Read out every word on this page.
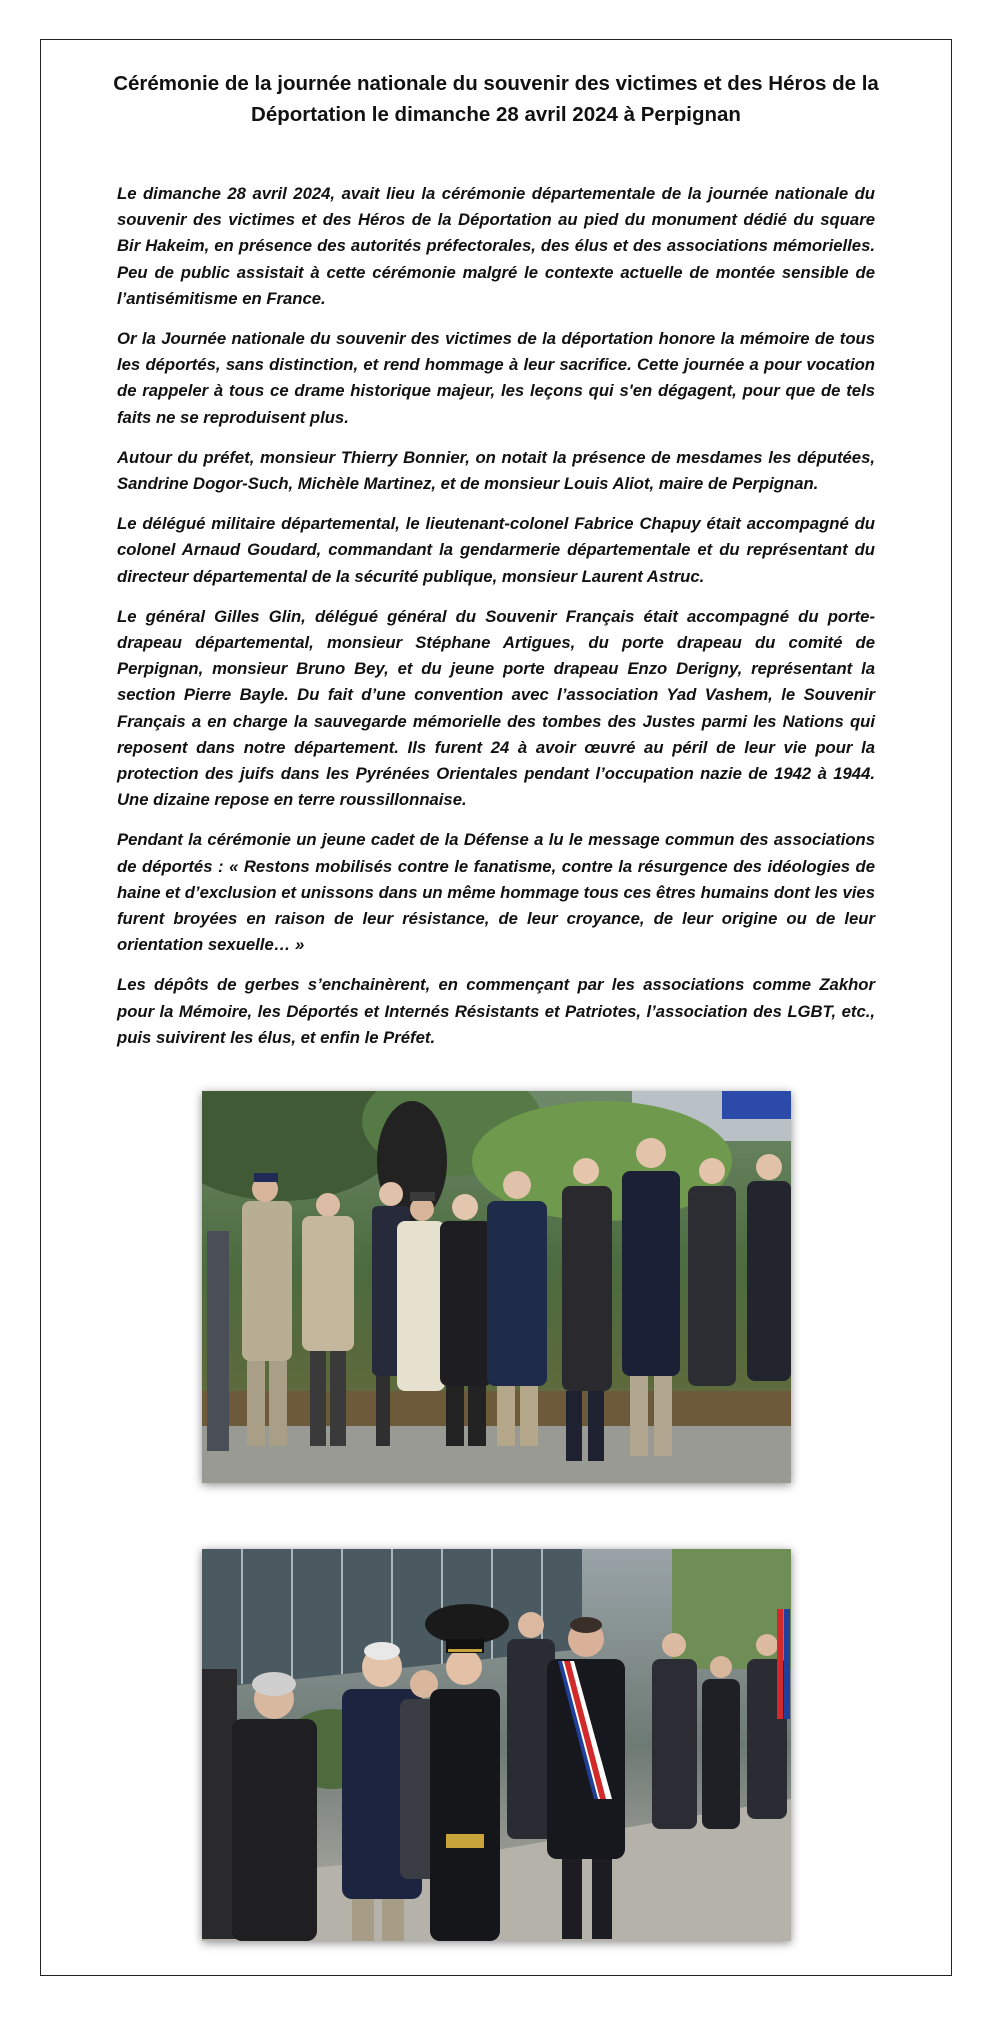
Cérémonie de la journée nationale du souvenir des victimes et des Héros de la Déportation le dimanche 28 avril 2024 à Perpignan

Le dimanche 28 avril 2024, avait lieu la cérémonie départementale de la journée nationale du souvenir des victimes et des Héros de la Déportation au pied du monument dédié du square Bir Hakeim, en présence des autorités préfectorales, des élus et des associations mémorielles. Peu de public assistait à cette cérémonie malgré le contexte actuelle de montée sensible de l’antisémitisme en France.

Or la Journée nationale du souvenir des victimes de la déportation honore la mémoire de tous les déportés, sans distinction, et rend hommage à leur sacrifice. Cette journée a pour vocation de rappeler à tous ce drame historique majeur, les leçons qui s'en dégagent, pour que de tels faits ne se reproduisent plus.

Autour du préfet, monsieur Thierry Bonnier, on notait la présence de mesdames les députées, Sandrine Dogor-Such, Michèle Martinez, et de monsieur Louis Aliot, maire de Perpignan.

Le délégué militaire départemental, le lieutenant-colonel Fabrice Chapuy était accompagné du colonel Arnaud Goudard, commandant la gendarmerie départementale et du représentant du directeur départemental de la sécurité publique, monsieur Laurent Astruc.

Le général Gilles Glin, délégué général du Souvenir Français était accompagné du porte-drapeau départemental, monsieur Stéphane Artigues, du porte drapeau du comité de Perpignan, monsieur Bruno Bey, et du jeune porte drapeau Enzo Derigny, représentant la section Pierre Bayle. Du fait d’une convention avec l’association Yad Vashem, le Souvenir Français a en charge la sauvegarde mémorielle des tombes des Justes parmi les Nations qui reposent dans notre département. Ils furent 24 à avoir œuvré au péril de leur vie pour la protection des juifs dans les Pyrénées Orientales pendant l’occupation nazie de 1942 à 1944. Une dizaine repose en terre roussillonnaise.

Pendant la cérémonie un jeune cadet de la Défense a lu le message commun des associations de déportés : « Restons mobilisés contre le fanatisme, contre la résurgence des idéologies de haine et d’exclusion et unissons dans un même hommage tous ces êtres humains dont les vies furent broyées en raison de leur résistance, de leur croyance, de leur origine ou de leur orientation sexuelle… »

Les dépôts de gerbes s’enchainèrent, en commençant par les associations comme Zakhor pour la Mémoire, les Déportés et Internés Résistants et Patriotes, l’association des LGBT, etc., puis suivirent les élus, et enfin le Préfet.
